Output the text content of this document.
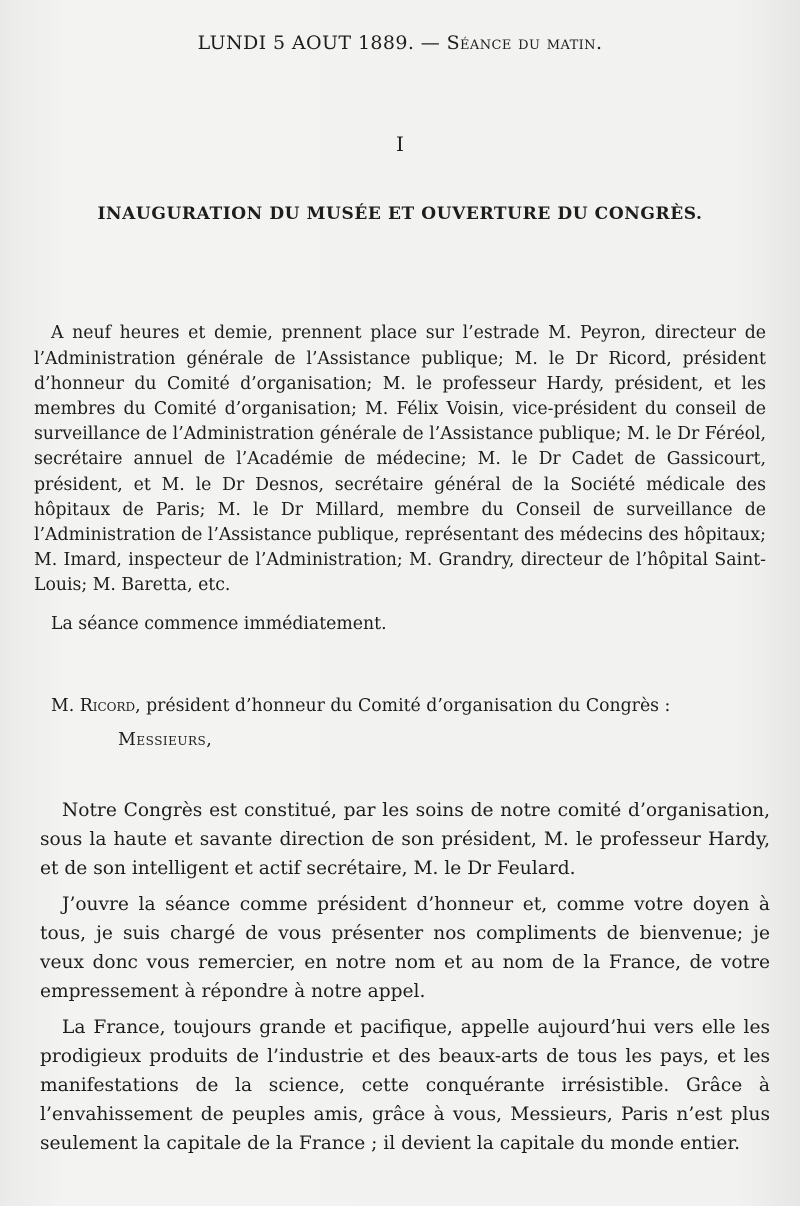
LUNDI 5 AOUT 1889. — Séance du matin.
I
INAUGURATION DU MUSÉE ET OUVERTURE DU CONGRÈS.

A neuf heures et demie, prennent place sur l’estrade M. Peyron, directeur de l’Administration générale de l’Assistance publique; M. le Dr Ricord, président d’honneur du Comité d’organisation; M. le professeur Hardy, président, et les membres du Comité d’organisation; M. Félix Voisin, vice-président du conseil de surveillance de l’Administration générale de l’Assistance publique; M. le Dr Féréol, secrétaire annuel de l’Académie de médecine; M. le Dr Cadet de Gassicourt, président, et M. le Dr Desnos, secrétaire général de la Société médicale des hôpitaux de Paris; M. le Dr Millard, membre du Conseil de surveillance de l’Administration de l’Assistance publique, représentant des médecins des hôpitaux; M. Imard, inspecteur de l’Administration; M. Grandry, directeur de l’hôpital Saint-Louis; M. Baretta, etc.

La séance commence immédiatement.

M. Ricord, président d’honneur du Comité d’organisation du Congrès :

Messieurs,

Notre Congrès est constitué, par les soins de notre comité d’organisation, sous la haute et savante direction de son président, M. le professeur Hardy, et de son intelligent et actif secrétaire, M. le Dr Feulard.

J’ouvre la séance comme président d’honneur et, comme votre doyen à tous, je suis chargé de vous présenter nos compliments de bienvenue; je veux donc vous remercier, en notre nom et au nom de la France, de votre empressement à répondre à notre appel.

La France, toujours grande et pacifique, appelle aujourd’hui vers elle les prodigieux produits de l’industrie et des beaux-arts de tous les pays, et les manifestations de la science, cette conquérante irrésistible. Grâce à l’envahissement de peuples amis, grâce à vous, Messieurs, Paris n’est plus seulement la capitale de la France ; il devient la capitale du monde entier.
